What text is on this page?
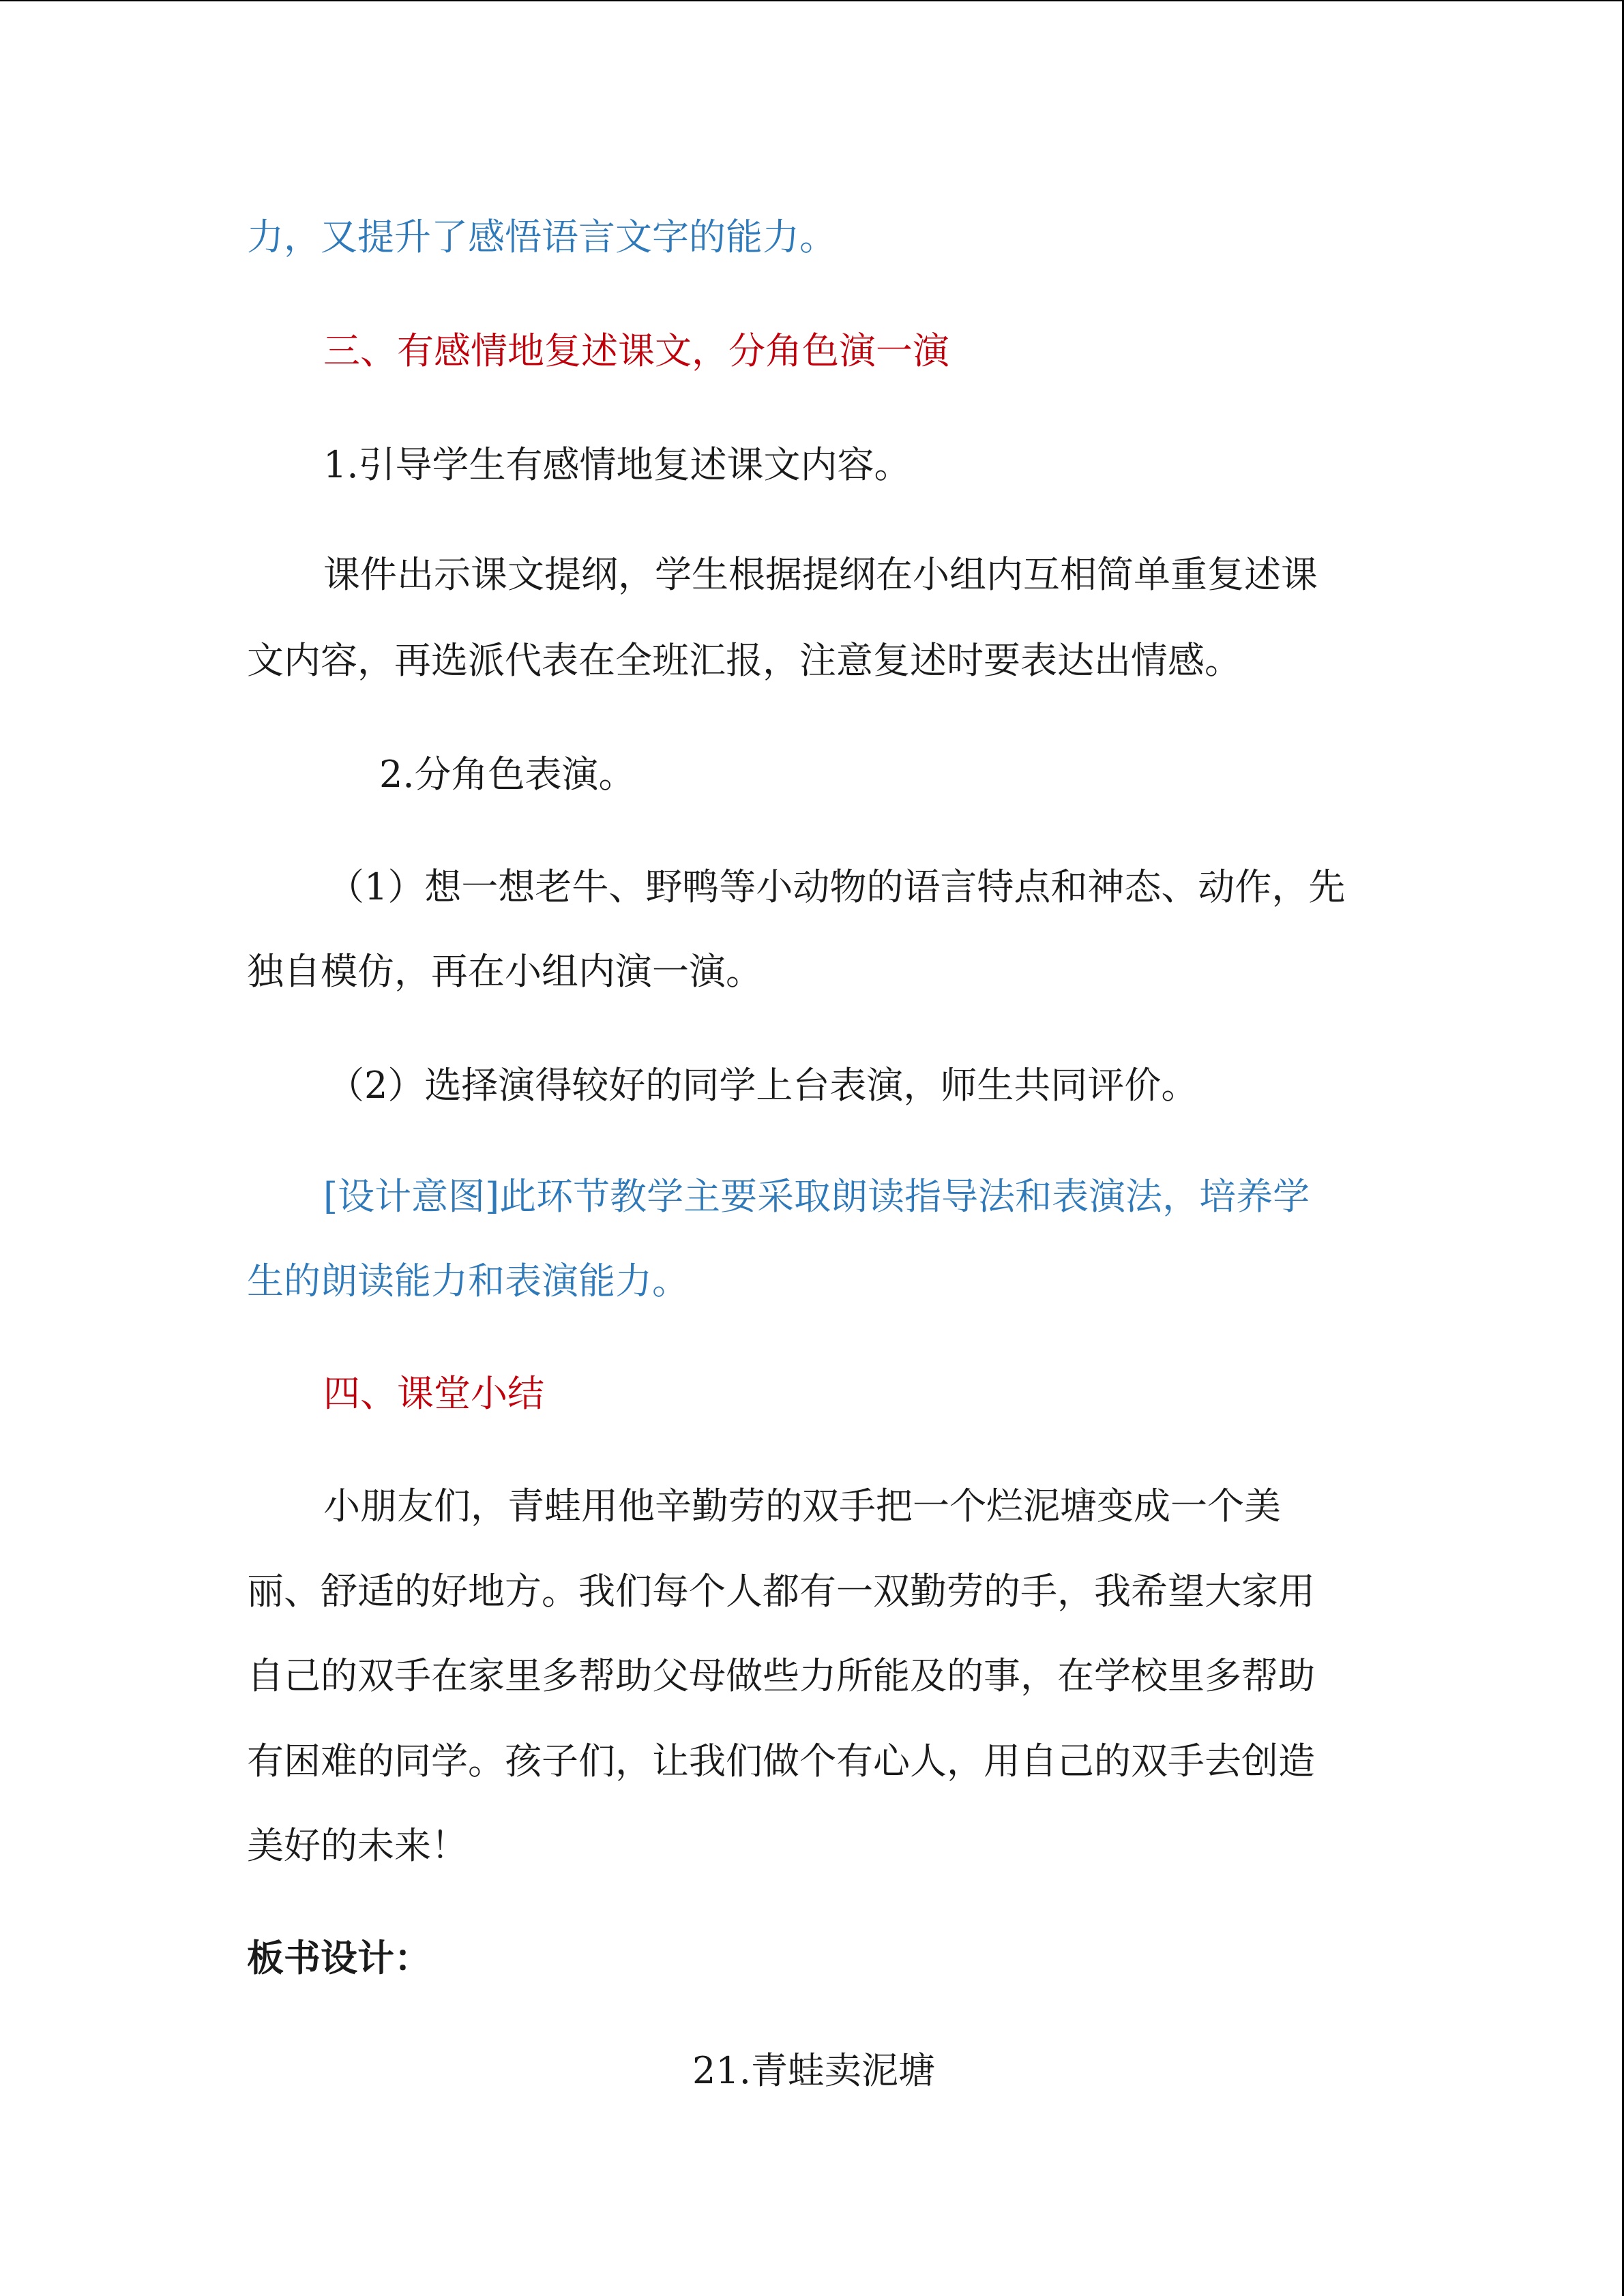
力，又提升了感悟语言文字的能力。

三、有感情地复述课文，分角色演一演

1.引导学生有感情地复述课文内容。

课件出示课文提纲，学生根据提纲在小组内互相简单重复述课

文内容，再选派代表在全班汇报，注意复述时要表达出情感。

2.分角色表演。

（1）想一想老牛、野鸭等小动物的语言特点和神态、动作，先

独自模仿，再在小组内演一演。

（2）选择演得较好的同学上台表演，师生共同评价。

[设计意图]此环节教学主要采取朗读指导法和表演法，培养学

生的朗读能力和表演能力。

四、课堂小结

小朋友们，青蛙用他辛勤劳的双手把一个烂泥塘变成一个美

丽、舒适的好地方。我们每个人都有一双勤劳的手，我希望大家用

自己的双手在家里多帮助父母做些力所能及的事，在学校里多帮助

有困难的同学。孩子们，让我们做个有心人，用自己的双手去创造

美好的未来！

板书设计：

21.青蛙卖泥塘
